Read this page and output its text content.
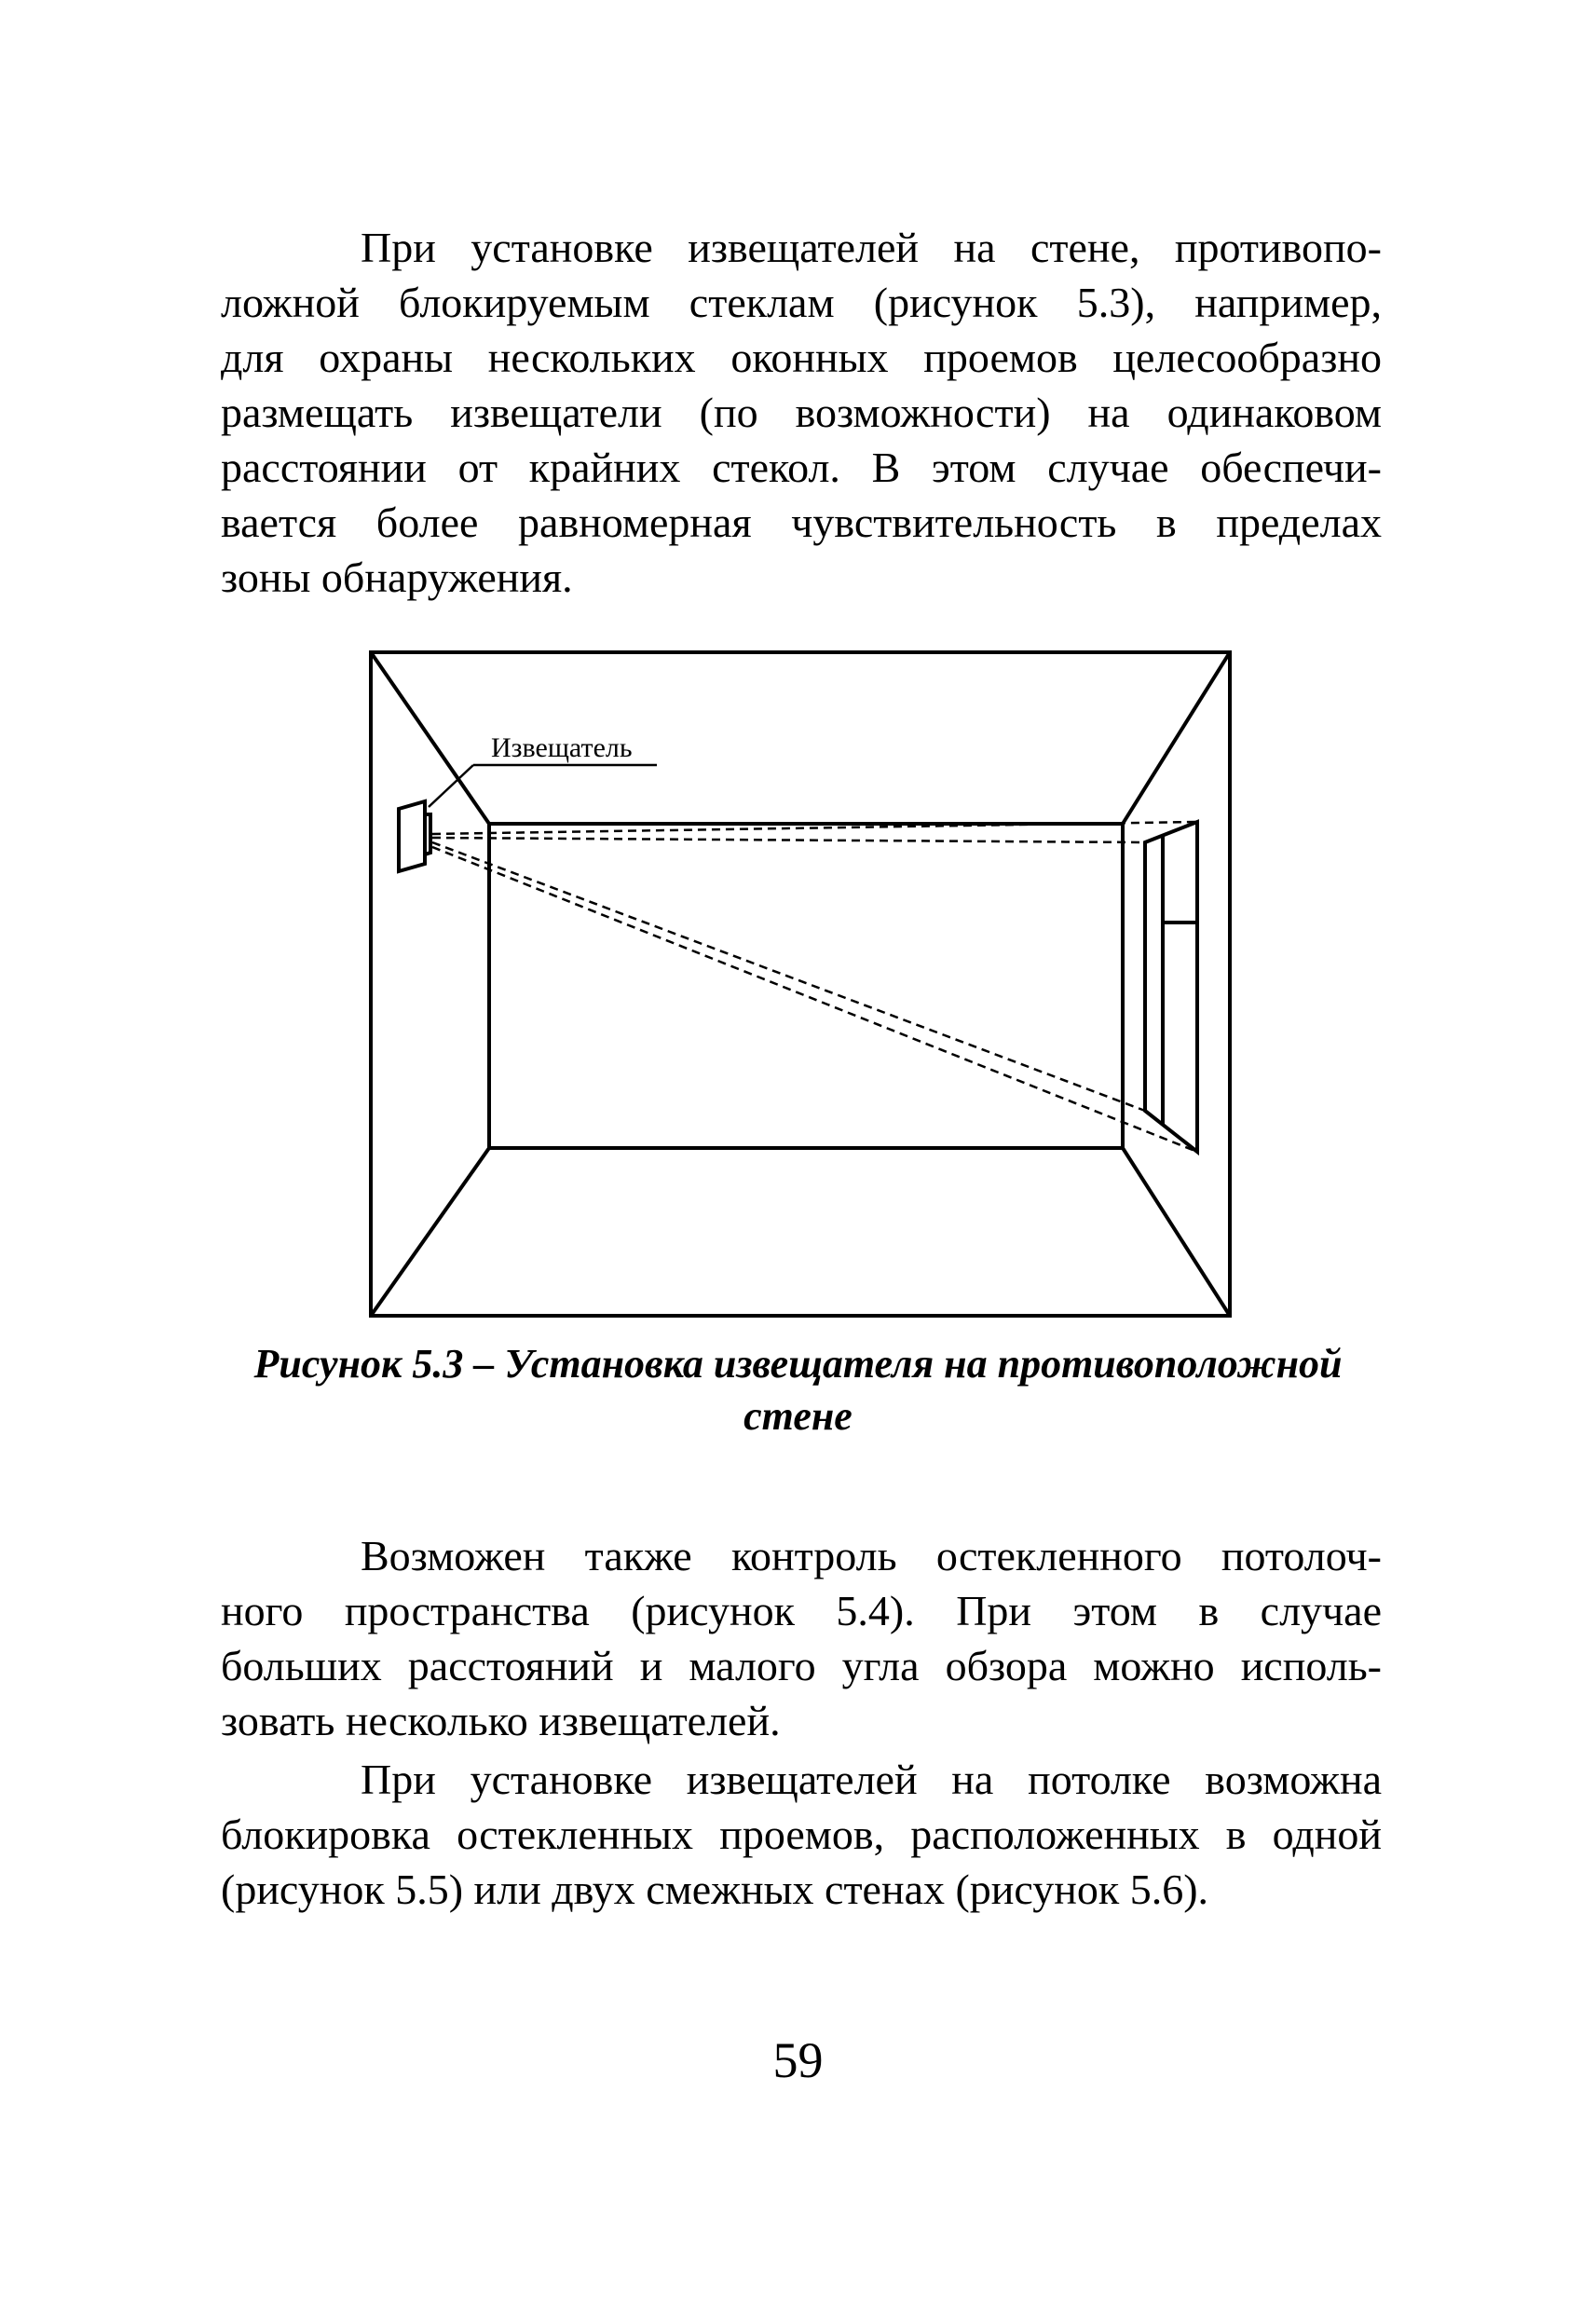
При установке извещателей на стене, противопо-
ложной блокируемым стеклам (рисунок 5.3), например,
для охраны нескольких оконных проемов целесообразно
размещать извещатели (по возможности) на одинаковом
расстоянии от крайних стекол. В этом случае обеспечи-
вается более равномерная чувствительность в пределах
зоны обнаружения.
Извещатель
Рисунок 5.3 – Установка извещателя на противоположной
стене
Возможен также контроль остекленного потолоч-
ного пространства (рисунок 5.4). При этом в случае
больших расстояний и малого угла обзора можно исполь-
зовать несколько извещателей.
При установке извещателей на потолке возможна
блокировка остекленных проемов, расположенных в одной
(рисунок 5.5) или двух смежных стенах (рисунок 5.6).
59
